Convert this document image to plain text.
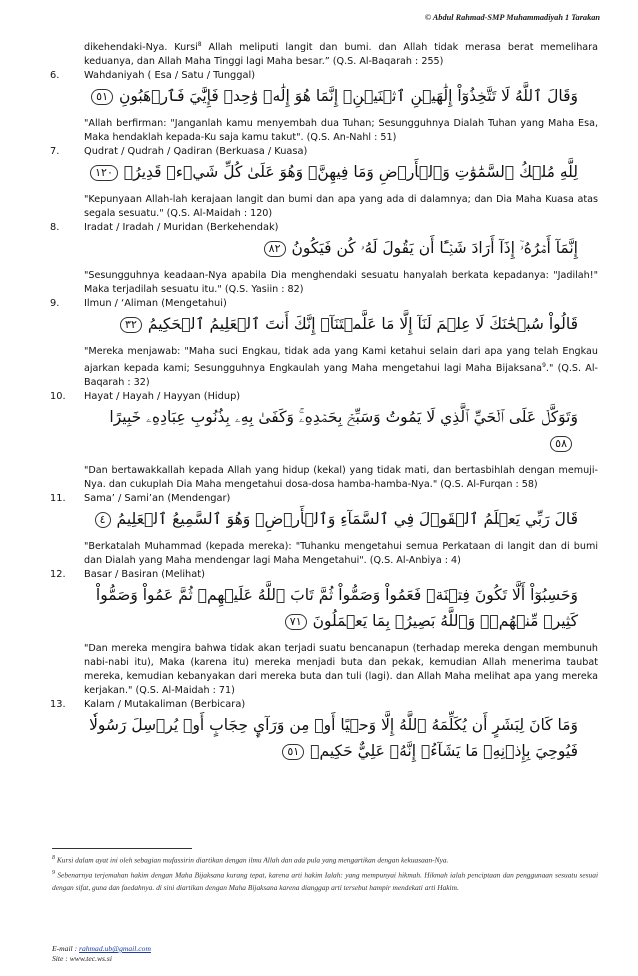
© Abdul Rahmad-SMP Muhammadiyah 1 Tarakan

dikehendaki-Nya. Kursi$^8$ Allah meliputi langit dan bumi. dan Allah tidak merasa berat memelihara keduanya, dan Allah Maha Tinggi lagi Maha besar.” (Q.S. Al-Baqarah : 255)

6.	Wahdaniyah ( Esa / Satu / Tunggal)

وَقَالَ ٱللَّهُ لَا تَتَّخِذُوٓاْ إِلَٰهَيۡنِ ٱثۡنَيۡنِۖ إِنَّمَا هُوَ إِلَٰهٞ وَٰحِدٞ فَإِيَّٰيَ فَٱرۡهَبُونِ٥١

"Allah berfirman: "Janganlah kamu menyembah dua Tuhan; Sesungguhnya Dialah Tuhan yang Maha Esa, Maka hendaklah kepada-Ku saja kamu takut". (Q.S. An-Nahl : 51)

7.	Qudrat / Qudrah / Qadiran (Berkuasa / Kuasa)

لِلَّهِ مُلۡكُ ٱلسَّمَٰوَٰتِ وَٱلۡأَرۡضِ وَمَا فِيهِنَّۚ وَهُوَ عَلَىٰ كُلِّ شَيۡءٖ قَدِيرُۢ١٢٠

"Kepunyaan Allah-lah kerajaan langit dan bumi dan apa yang ada di dalamnya; dan Dia Maha Kuasa atas segala sesuatu." (Q.S. Al-Maidah : 120)

8.	Iradat / Iradah / Muridan (Berkehendak)

إِنَّمَآ أَمۡرُهُۥٓ إِذَآ أَرَادَ شَيۡـًٔا أَن يَقُولَ لَهُۥ كُن فَيَكُونُ٨٢

"Sesungguhnya keadaan-Nya apabila Dia menghendaki sesuatu hanyalah berkata kepadanya: "Jadilah!" Maka terjadilah sesuatu itu." (Q.S. Yasiin : 82)

9.	Ilmun / ‘Aliman (Mengetahui)

قَالُواْ سُبۡحَٰنَكَ لَا عِلۡمَ لَنَآ إِلَّا مَا عَلَّمۡتَنَآۖ إِنَّكَ أَنتَ ٱلۡعَلِيمُ ٱلۡحَكِيمُ٣٢

"Mereka menjawab: "Maha suci Engkau, tidak ada yang Kami ketahui selain dari apa yang telah Engkau ajarkan kepada kami; Sesungguhnya Engkaulah yang Maha mengetahui lagi Maha Bijaksana$^9$." (Q.S. Al-Baqarah : 32)

10. Hayat / Hayah / Hayyan (Hidup)

وَتَوَكَّلۡ عَلَى ٱلۡحَيِّ ٱلَّذِي لَا يَمُوتُ وَسَبِّحۡ بِحَمۡدِهِۦۚ وَكَفَىٰ بِهِۦ بِذُنُوبِ عِبَادِهِۦ خَبِيرًا٥٨

"Dan bertawakkallah kepada Allah yang hidup (kekal) yang tidak mati, dan bertasbihlah dengan memuji-Nya. dan cukuplah Dia Maha mengetahui dosa-dosa hamba-hamba-Nya." (Q.S. Al-Furqan : 58)

11. Sama’ / Sami’an (Mendengar)

قَالَ رَبِّي يَعۡلَمُ ٱلۡقَوۡلَ فِي ٱلسَّمَآءِ وَٱلۡأَرۡضِۖ وَهُوَ ٱلسَّمِيعُ ٱلۡعَلِيمُ٤

"Berkatalah Muhammad (kepada mereka): "Tuhanku mengetahui semua Perkataan di langit dan di bumi dan Dialah yang Maha mendengar lagi Maha Mengetahui". (Q.S. Al-Anbiya : 4)

12. Basar / Basiran (Melihat)

وَحَسِبُوٓاْ أَلَّا تَكُونَ فِتۡنَةٞ فَعَمُواْ وَصَمُّواْ ثُمَّ تَابَ ٱللَّهُ عَلَيۡهِمۡ ثُمَّ عَمُواْ وَصَمُّواْ كَثِيرٞ مِّنۡهُمۡۚ وَٱللَّهُ بَصِيرُۢ بِمَا يَعۡمَلُونَ٧١

"Dan mereka mengira bahwa tidak akan terjadi suatu bencanapun (terhadap mereka dengan membunuh nabi-nabi itu), Maka (karena itu) mereka menjadi buta dan pekak, kemudian Allah menerima taubat mereka, kemudian kebanyakan dari mereka buta dan tuli (lagi). dan Allah Maha melihat apa yang mereka kerjakan." (Q.S. Al-Maidah : 71)

13. Kalam / Mutakaliman (Berbicara)

وَمَا كَانَ لِبَشَرٍ أَن يُكَلِّمَهُ ٱللَّهُ إِلَّا وَحۡيًا أَوۡ مِن وَرَآيِٕ حِجَابٍ أَوۡ يُرۡسِلَ رَسُولٗا فَيُوحِيَ بِإِذۡنِهِۦ مَا يَشَآءُۚ إِنَّهُۥ عَلِيٌّ حَكِيمٞ٥١

$^8$ Kursi dalam ayat ini oleh sebagian mufassirin diartikan dengan ilmu Allah dan ada pula yang mengartikan dengan kekuasaan-Nya.

$^9$ Sebenarnya terjemahan hakim dengan Maha Bijaksana kurang tepat, karena arti hakim Ialah: yang mempunyai hikmah. Hikmah ialah penciptaan dan penggunaan sesuatu sesuai dengan sifat, guna dan faedahnya. di sini diartikan dengan Maha Bijaksana karena dianggap arti tersebut hampir mendekati arti Hakim.

E-mail : rahmad.ub@gmail.com
Site : www.tec.ws.si
